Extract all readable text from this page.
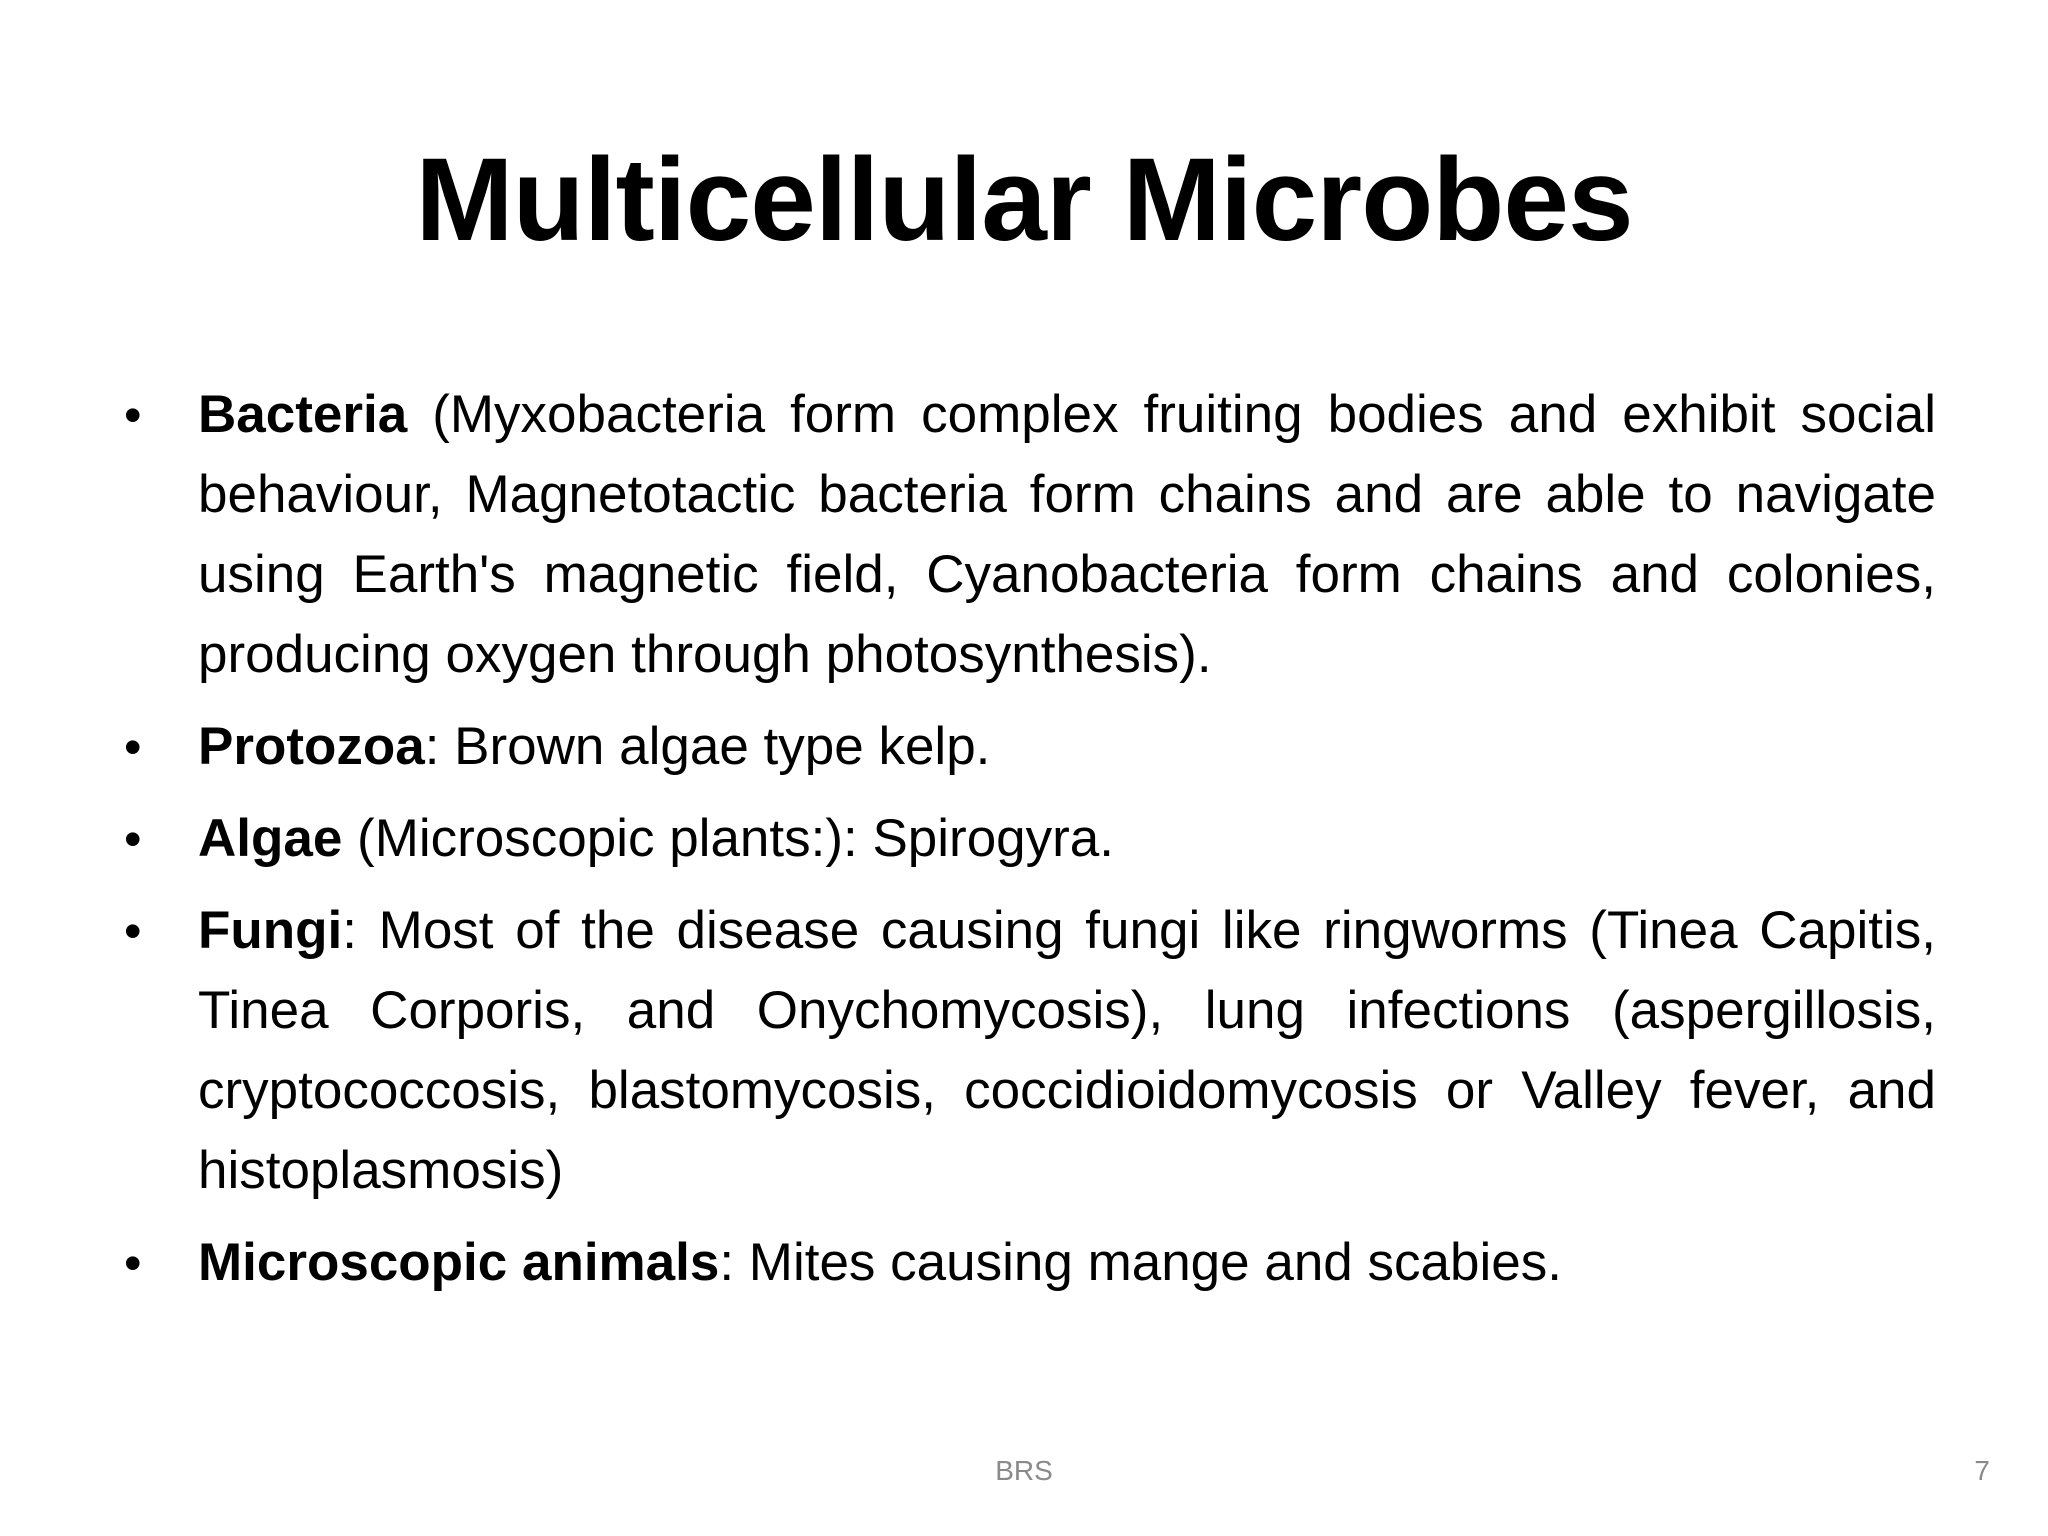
Multicellular Microbes
• Bacteria (Myxobacteria form complex fruiting bodies and exhibit social behaviour, Magnetotactic bacteria form chains and are able to navigate using Earth's magnetic field, Cyanobacteria form chains and colonies, producing oxygen through photosynthesis).
• Protozoa: Brown algae type kelp.
• Algae (Microscopic plants:): Spirogyra.
• Fungi: Most of the disease causing fungi like ringworms (Tinea Capitis, Tinea Corporis, and Onychomycosis), lung infections (aspergillosis, cryptococcosis, blastomycosis, coccidioidomycosis or Valley fever, and histoplasmosis)
• Microscopic animals: Mites causing mange and scabies.
BRS	7
